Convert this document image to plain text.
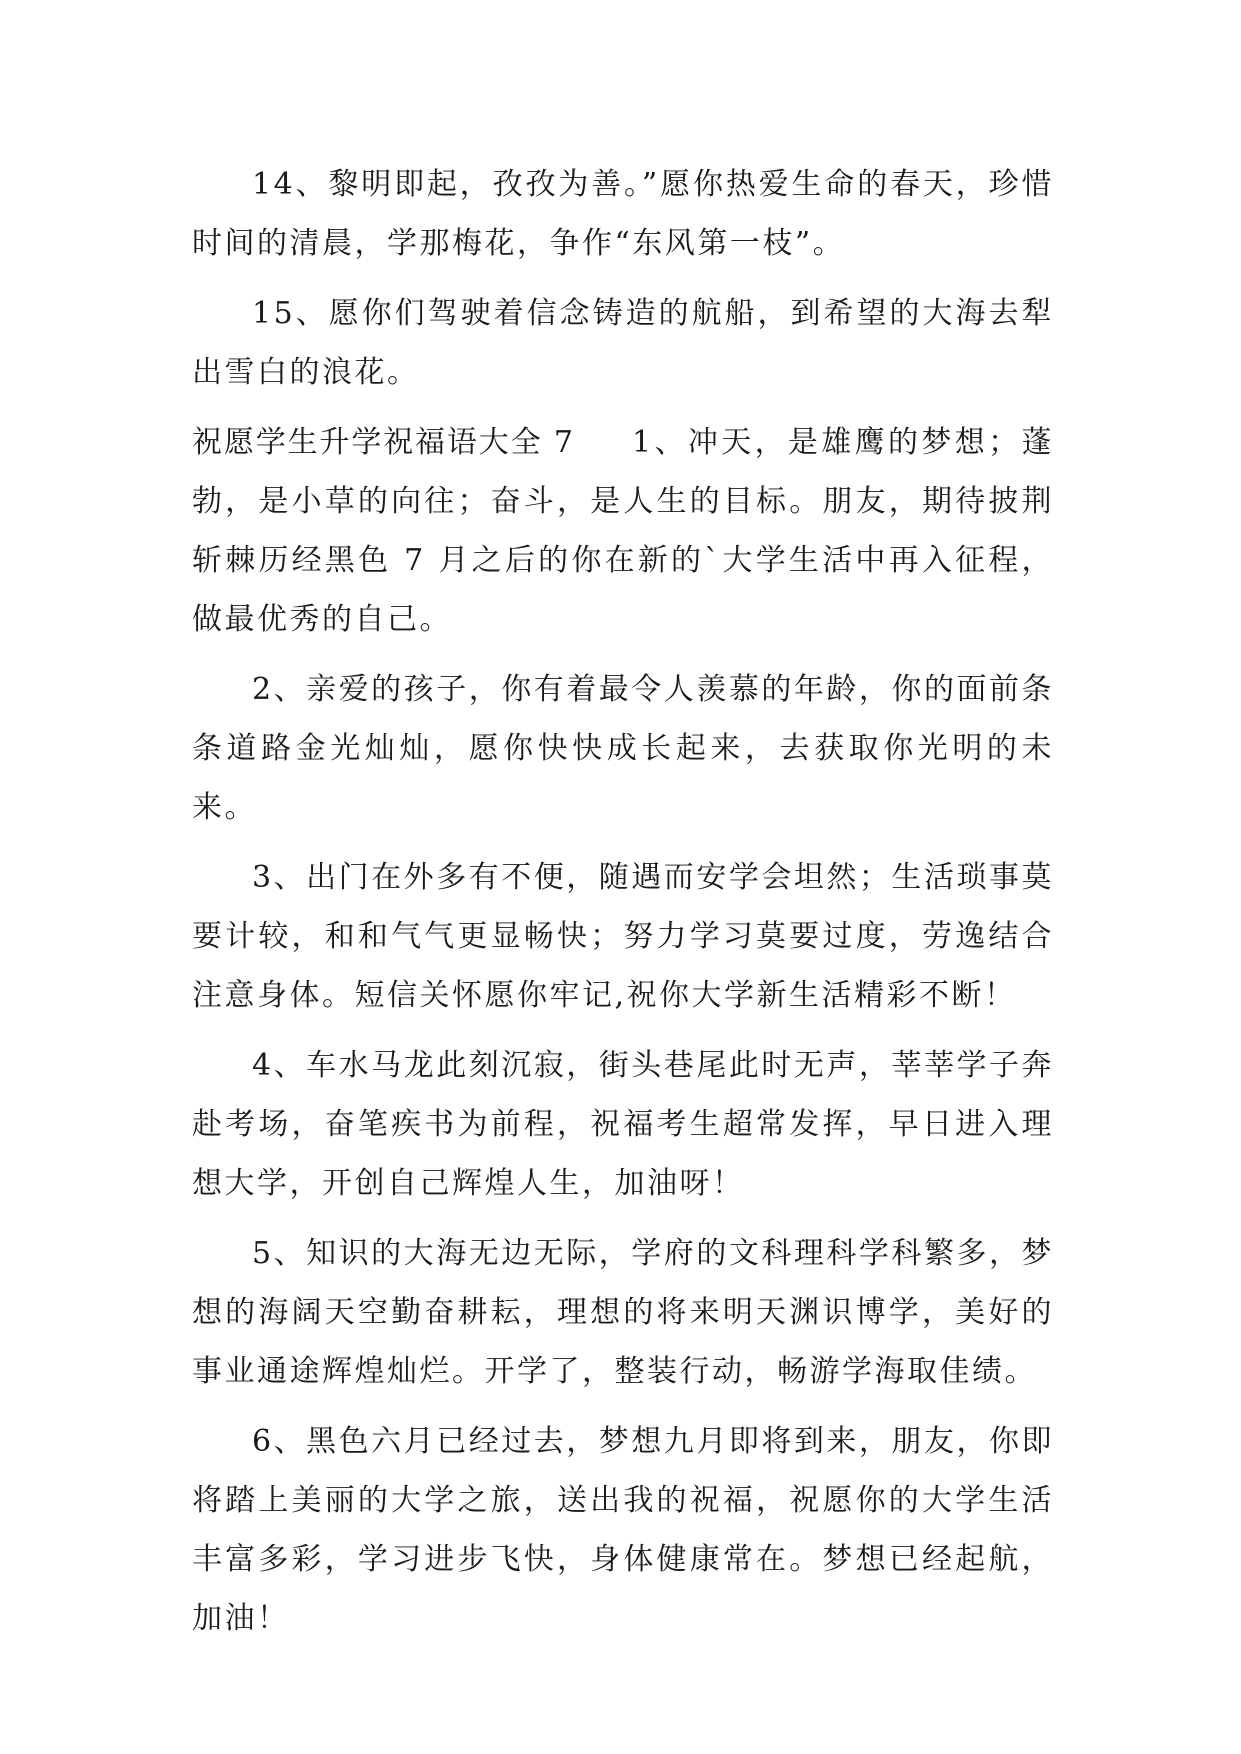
14、黎明即起，孜孜为善。”愿你热爱生命的春天，珍惜时间的清晨，学那梅花，争作“东风第一枝”。

15、愿你们驾驶着信念铸造的航船，到希望的大海去犁出雪白的浪花。

祝愿学生升学祝福语大全 7 1、冲天，是雄鹰的梦想；蓬勃，是小草的向往；奋斗，是人生的目标。朋友，期待披荆斩棘历经黑色 7 月之后的你在新的`大学生活中再入征程，做最优秀的自己。

2、亲爱的孩子，你有着最令人羡慕的年龄，你的面前条条道路金光灿灿，愿你快快成长起来，去获取你光明的未来。

3、出门在外多有不便，随遇而安学会坦然；生活琐事莫要计较，和和气气更显畅快；努力学习莫要过度，劳逸结合注意身体。短信关怀愿你牢记,祝你大学新生活精彩不断！

4、车水马龙此刻沉寂，街头巷尾此时无声，莘莘学子奔赴考场，奋笔疾书为前程，祝福考生超常发挥，早日进入理想大学，开创自己辉煌人生，加油呀！

5、知识的大海无边无际，学府的文科理科学科繁多，梦想的海阔天空勤奋耕耘，理想的将来明天渊识博学，美好的事业通途辉煌灿烂。开学了，整装行动，畅游学海取佳绩。

6、黑色六月已经过去，梦想九月即将到来，朋友，你即将踏上美丽的大学之旅，送出我的祝福，祝愿你的大学生活丰富多彩，学习进步飞快，身体健康常在。梦想已经起航，加油！
